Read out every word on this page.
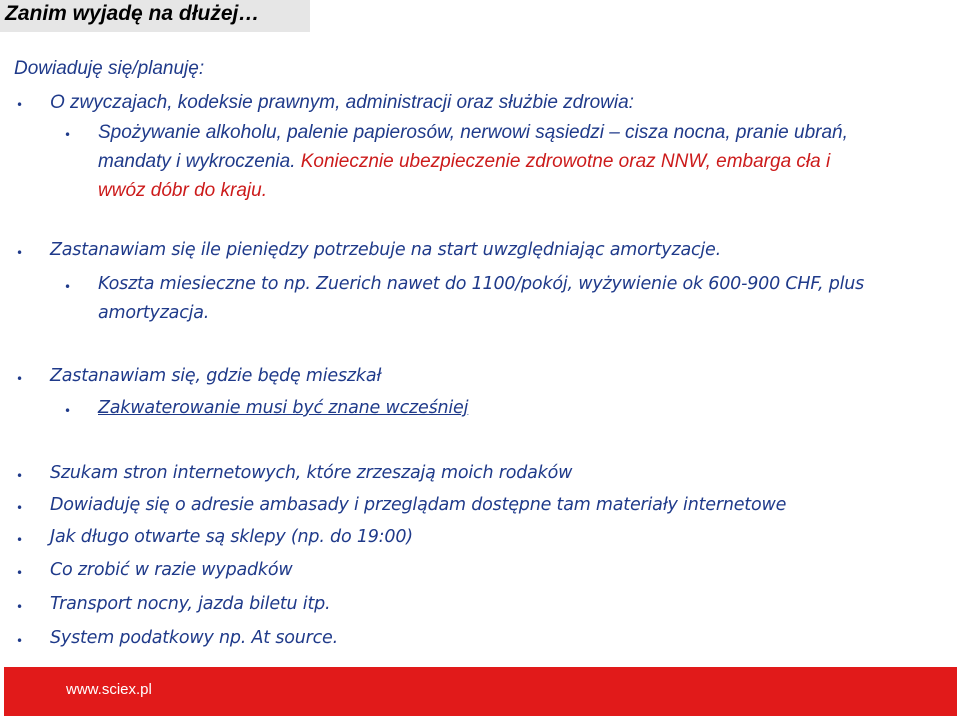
Zanim wyjadę na dłużej…
Dowiaduję się/planuję:
• O zwyczajach, kodeksie prawnym, administracji oraz służbie zdrowia:
• Spożywanie alkoholu, palenie papierosów, nerwowi sąsiedzi – cisza nocna, pranie ubrań,
mandaty i wykroczenia. Koniecznie ubezpieczenie zdrowotne oraz NNW, embarga cła i
wwóz dóbr do kraju.
• Zastanawiam się ile pieniędzy potrzebuje na start uwzględniając amortyzacje.
• Koszta miesieczne to np. Zuerich nawet do 1100/pokój, wyżywienie ok 600-900 CHF, plus
amortyzacja.
• Zastanawiam się, gdzie będę mieszkał
• Zakwaterowanie musi być znane wcześniej
• Szukam stron internetowych, które zrzeszają moich rodaków
• Dowiaduję się o adresie ambasady i przeglądam dostępne tam materiały internetowe
• Jak długo otwarte są sklepy (np. do 19:00)
• Co zrobić w razie wypadków
• Transport nocny, jazda biletu itp.
• System podatkowy np. At source.
www.sciex.pl
